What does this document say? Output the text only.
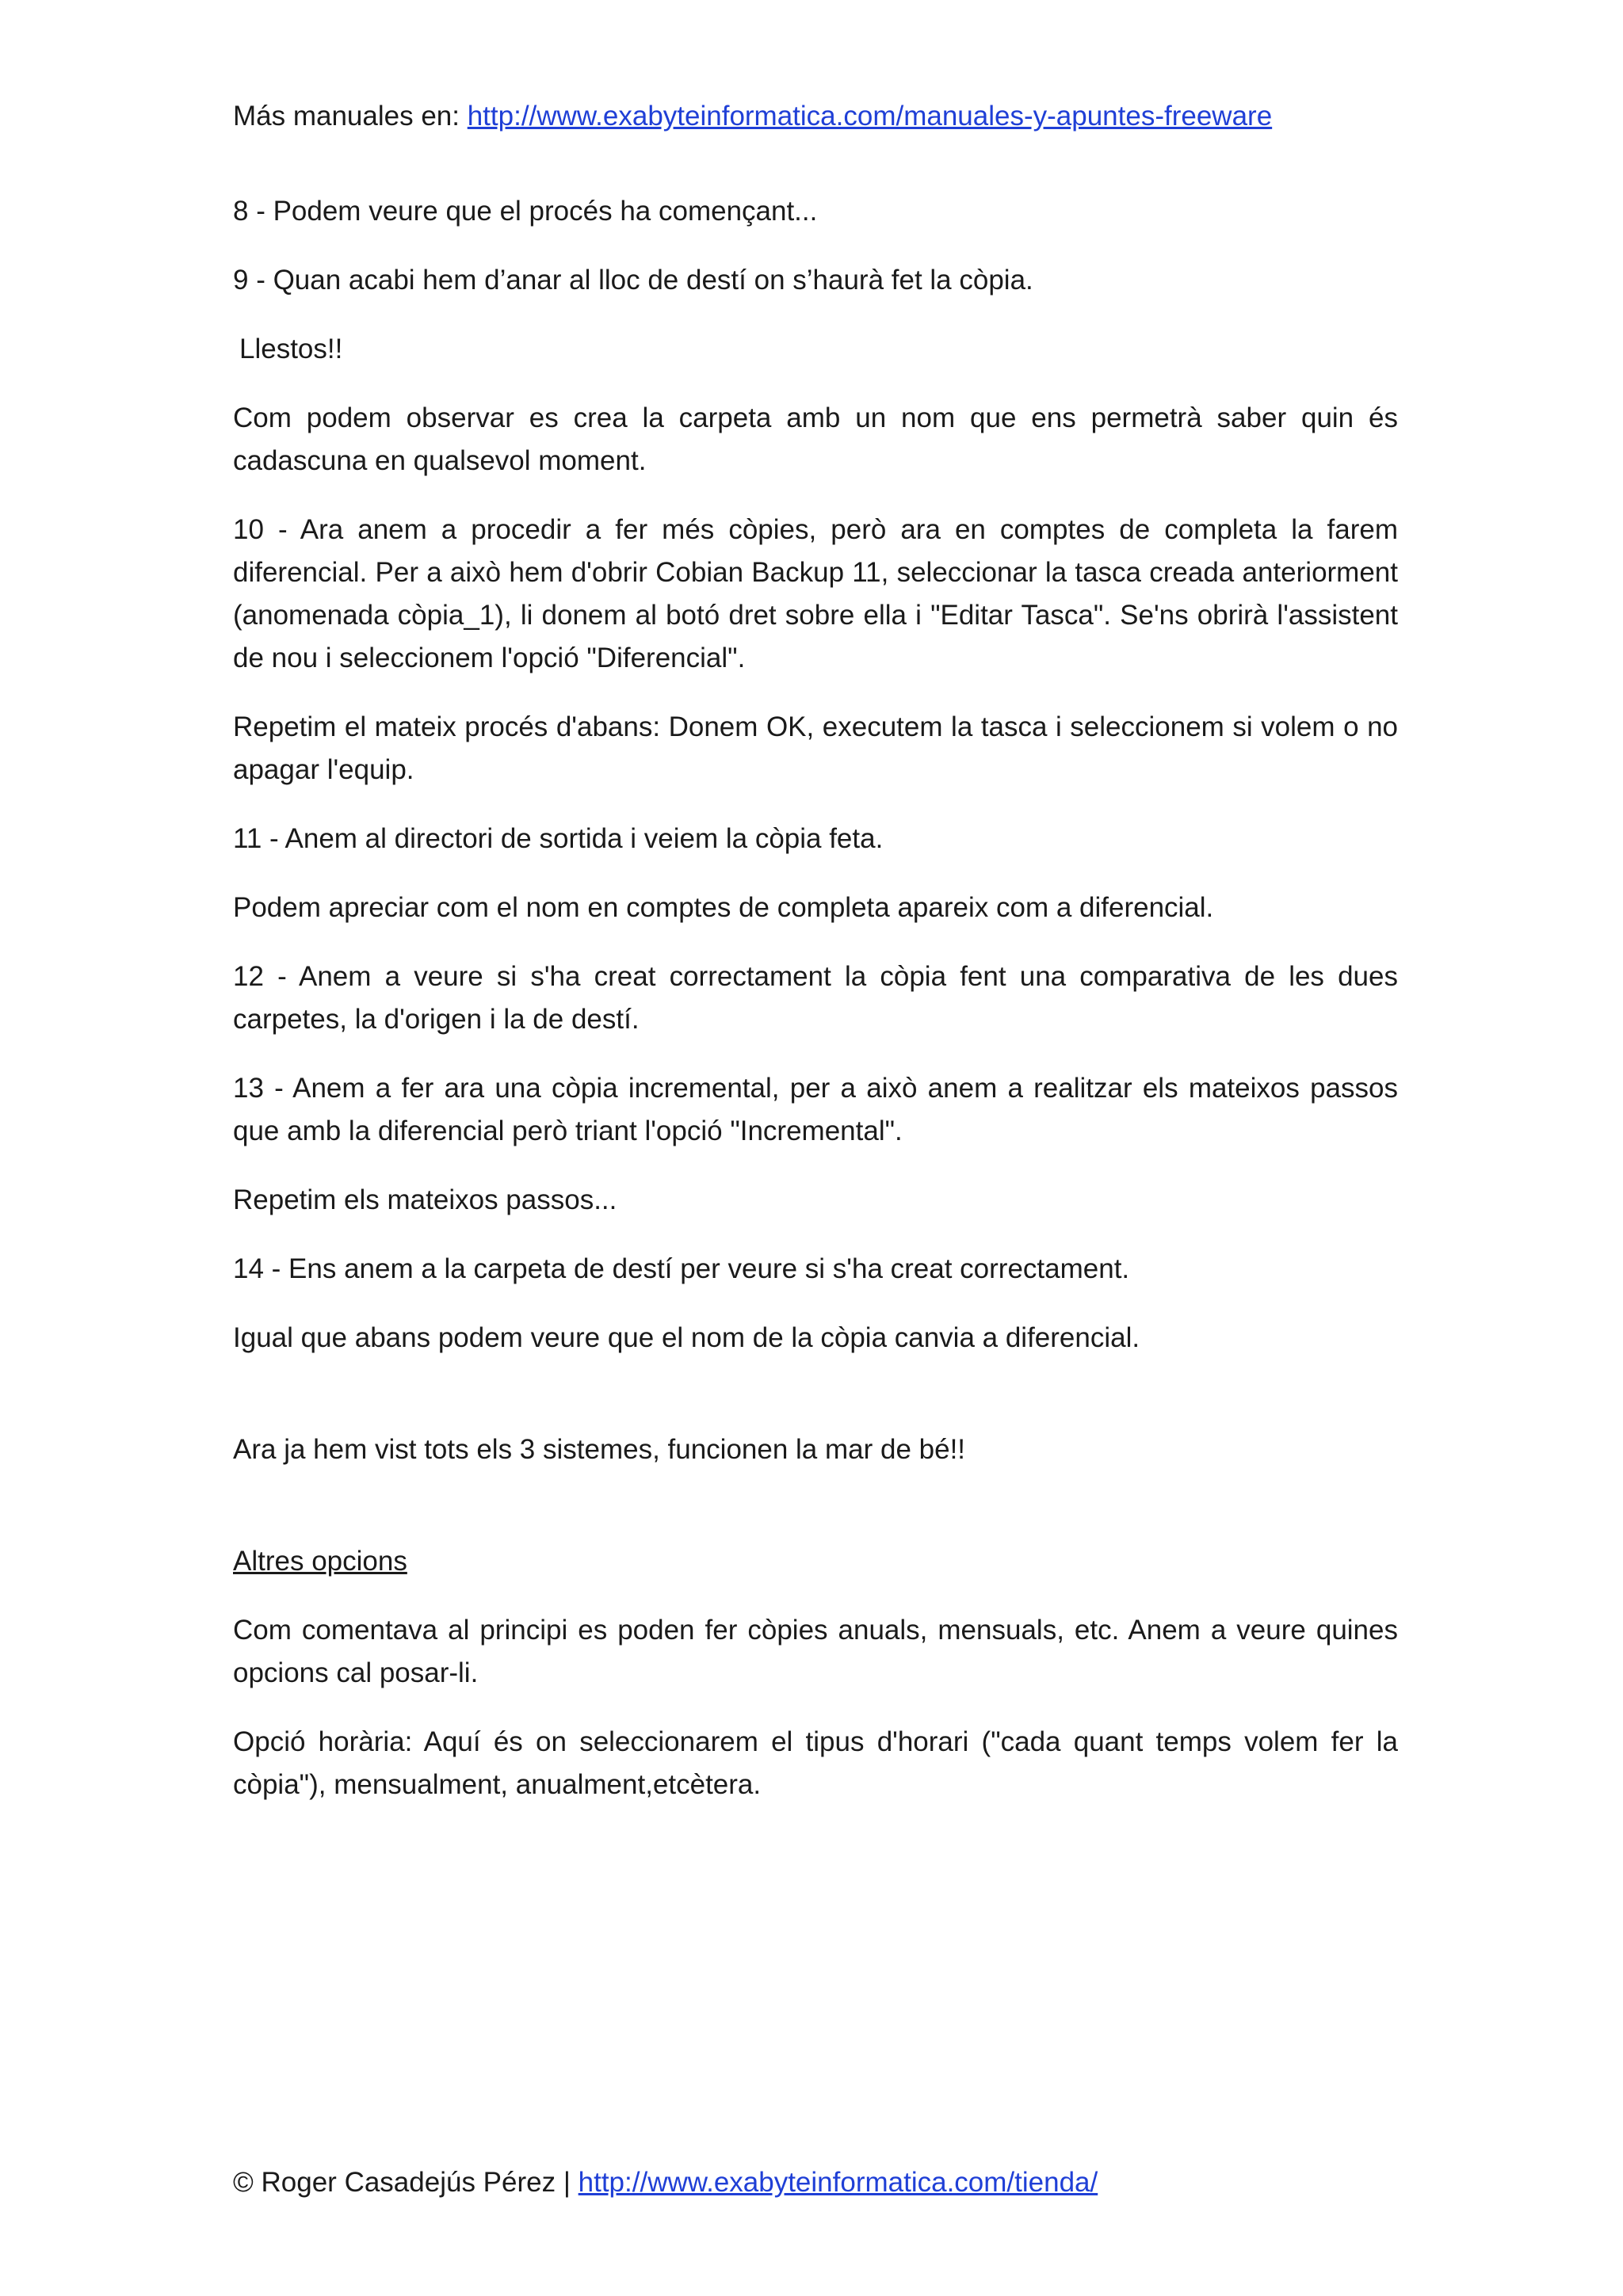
Más manuales en: http://www.exabyteinformatica.com/manuales-y-apuntes-freeware

8 - Podem veure que el procés ha començant...

9 - Quan acabi hem d’anar al lloc de destí on s’haurà fet la còpia.

Llestos!!

Com podem observar es crea la carpeta amb un nom que ens permetrà saber quin és cadascuna en qualsevol moment.

10 - Ara anem a procedir a fer més còpies, però ara en comptes de completa la farem diferencial. Per a això hem d'obrir Cobian Backup 11, seleccionar la tasca creada anteriorment (anomenada còpia_1), li donem al botó dret sobre ella i "Editar Tasca". Se'ns obrirà l'assistent de nou i seleccionem l'opció "Diferencial".

Repetim el mateix procés d'abans: Donem OK, executem la tasca i seleccionem si volem o no apagar l'equip.

11 - Anem al directori de sortida i veiem la còpia feta.

Podem apreciar com el nom en comptes de completa apareix com a diferencial.

12 - Anem a veure si s'ha creat correctament la còpia fent una comparativa de les dues carpetes, la d'origen i la de destí.

13 - Anem a fer ara una còpia incremental, per a això anem a realitzar els mateixos passos que amb la diferencial però triant l'opció "Incremental".

Repetim els mateixos passos...

14 - Ens anem a la carpeta de destí per veure si s'ha creat correctament.

Igual que abans podem veure que el nom de la còpia canvia a diferencial.

Ara ja hem vist tots els 3 sistemes, funcionen la mar de bé!!

Altres opcions

Com comentava al principi es poden fer còpies anuals, mensuals, etc. Anem a veure quines opcions cal posar-li.

Opció horària: Aquí és on seleccionarem el tipus d'horari ("cada quant temps volem fer la còpia"), mensualment, anualment,etcètera.

© Roger Casadejús Pérez | http://www.exabyteinformatica.com/tienda/
